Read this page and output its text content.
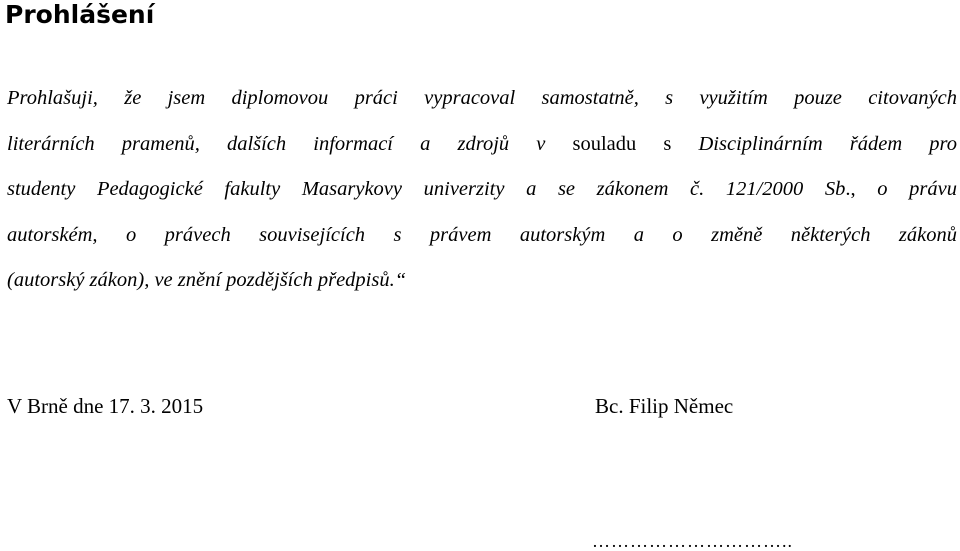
Prohlášení
Prohlašuji, že jsem diplomovou práci vypracoval samostatně, s využitím pouze citovaných
literárních pramenů, dalších informací a zdrojů v souladu s Disciplinárním řádem pro
studenty Pedagogické fakulty Masarykovy univerzity a se zákonem č. 121/2000 Sb., o právu
autorském, o právech souvisejících s právem autorským a o změně některých zákonů
(autorský zákon), ve znění pozdějších předpisů.“
V Brně dne 17. 3. 2015	Bc. Filip Němec
…………………………..
